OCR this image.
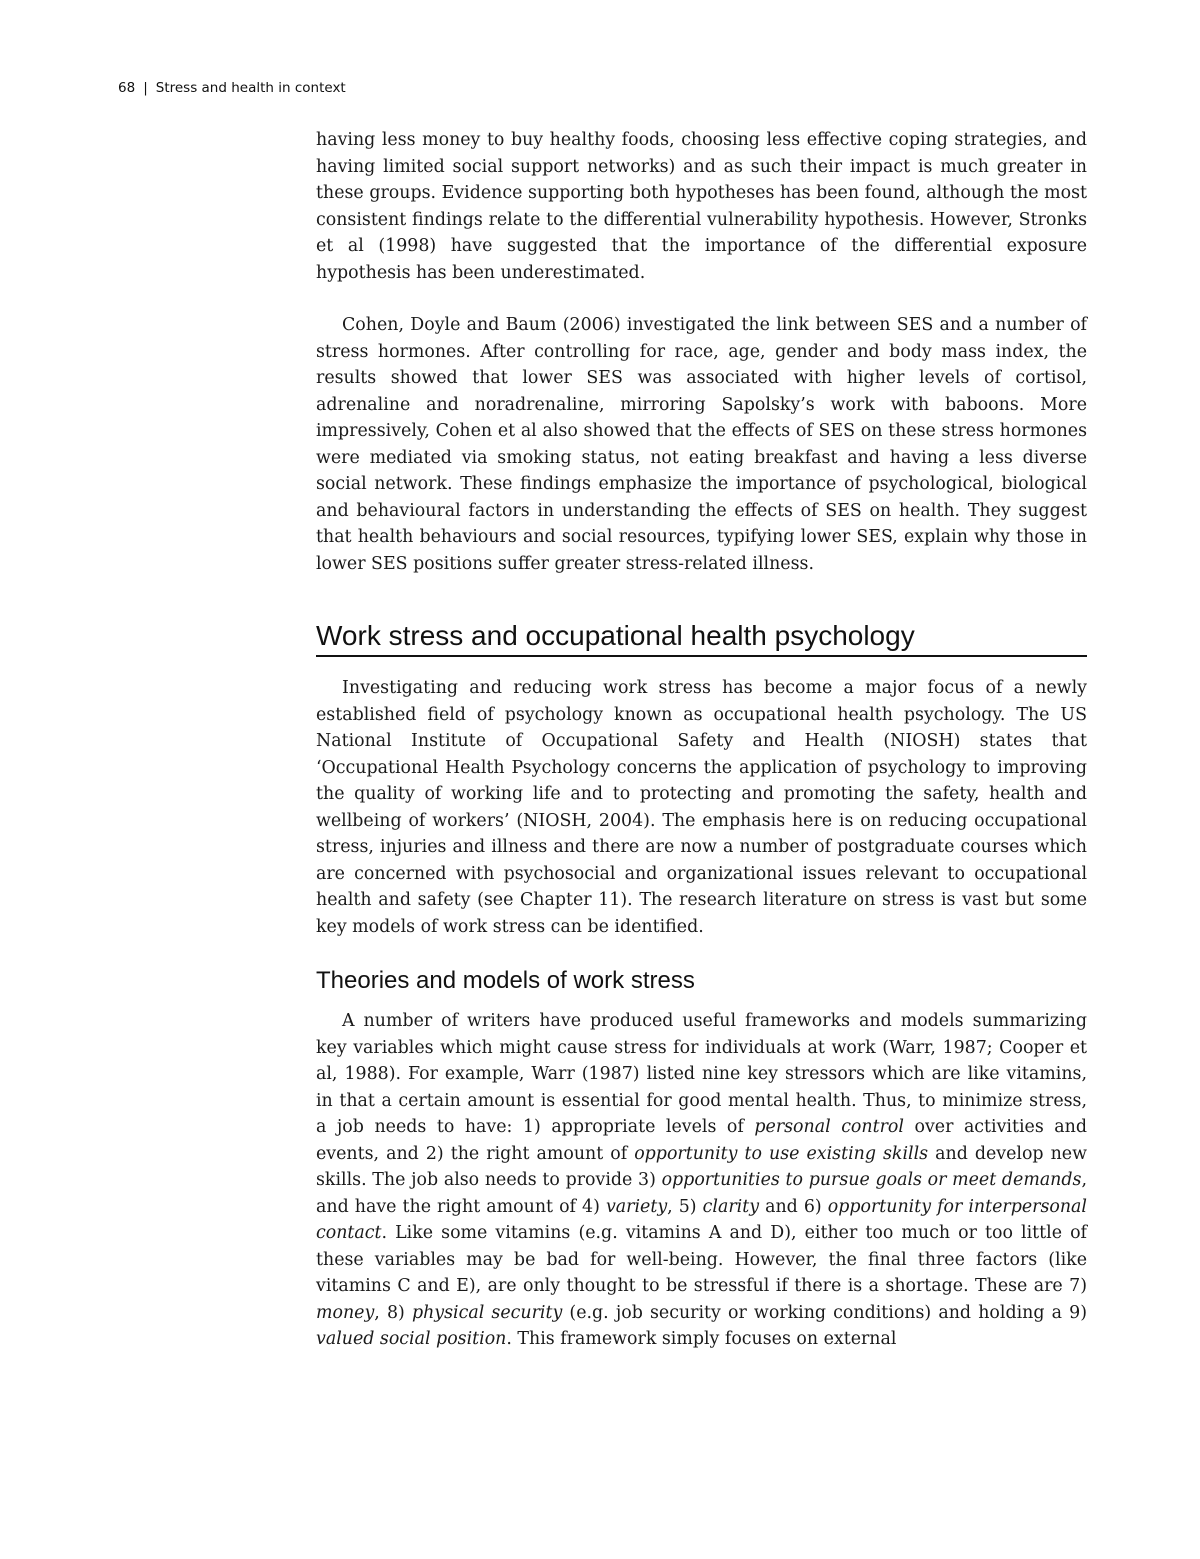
68 | Stress and health in context

having less money to buy healthy foods, choosing less effective coping strategies, and having limited social support networks) and as such their impact is much greater in these groups. Evidence supporting both hypotheses has been found, although the most consistent findings relate to the differential vulnerability hypothesis. However, Stronks et al (1998) have suggested that the importance of the differential exposure hypothesis has been underestimated.

Cohen, Doyle and Baum (2006) investigated the link between SES and a number of stress hormones. After controlling for race, age, gender and body mass index, the results showed that lower SES was associated with higher levels of cortisol, adrenaline and noradrenaline, mirroring Sapolsky’s work with baboons. More impressively, Cohen et al also showed that the effects of SES on these stress hormones were mediated via smoking status, not eating breakfast and having a less diverse social network. These findings emphasize the importance of psychological, biological and behavioural factors in understanding the effects of SES on health. They suggest that health behaviours and social resources, typifying lower SES, explain why those in lower SES positions suffer greater stress-related illness.

Work stress and occupational health psychology

Investigating and reducing work stress has become a major focus of a newly established field of psychology known as occupational health psychology. The US National Institute of Occupational Safety and Health (NIOSH) states that ‘Occupational Health Psychology concerns the application of psychology to improving the quality of working life and to protecting and promoting the safety, health and wellbeing of workers’ (NIOSH, 2004). The emphasis here is on reducing occupational stress, injuries and illness and there are now a number of postgraduate courses which are concerned with psychosocial and organizational issues relevant to occupational health and safety (see Chapter 11). The research literature on stress is vast but some key models of work stress can be identified.

Theories and models of work stress

A number of writers have produced useful frameworks and models summarizing key variables which might cause stress for individuals at work (Warr, 1987; Cooper et al, 1988). For example, Warr (1987) listed nine key stressors which are like vitamins, in that a certain amount is essential for good mental health. Thus, to minimize stress, a job needs to have: 1) appropriate levels of personal control over activities and events, and 2) the right amount of opportunity to use existing skills and develop new skills. The job also needs to provide 3) opportunities to pursue goals or meet demands, and have the right amount of 4) variety, 5) clarity and 6) opportunity for interpersonal contact. Like some vitamins (e.g. vitamins A and D), either too much or too little of these variables may be bad for well-being. However, the final three factors (like vitamins C and E), are only thought to be stressful if there is a shortage. These are 7) money, 8) physical security (e.g. job security or working conditions) and holding a 9) valued social position. This framework simply focuses on external
